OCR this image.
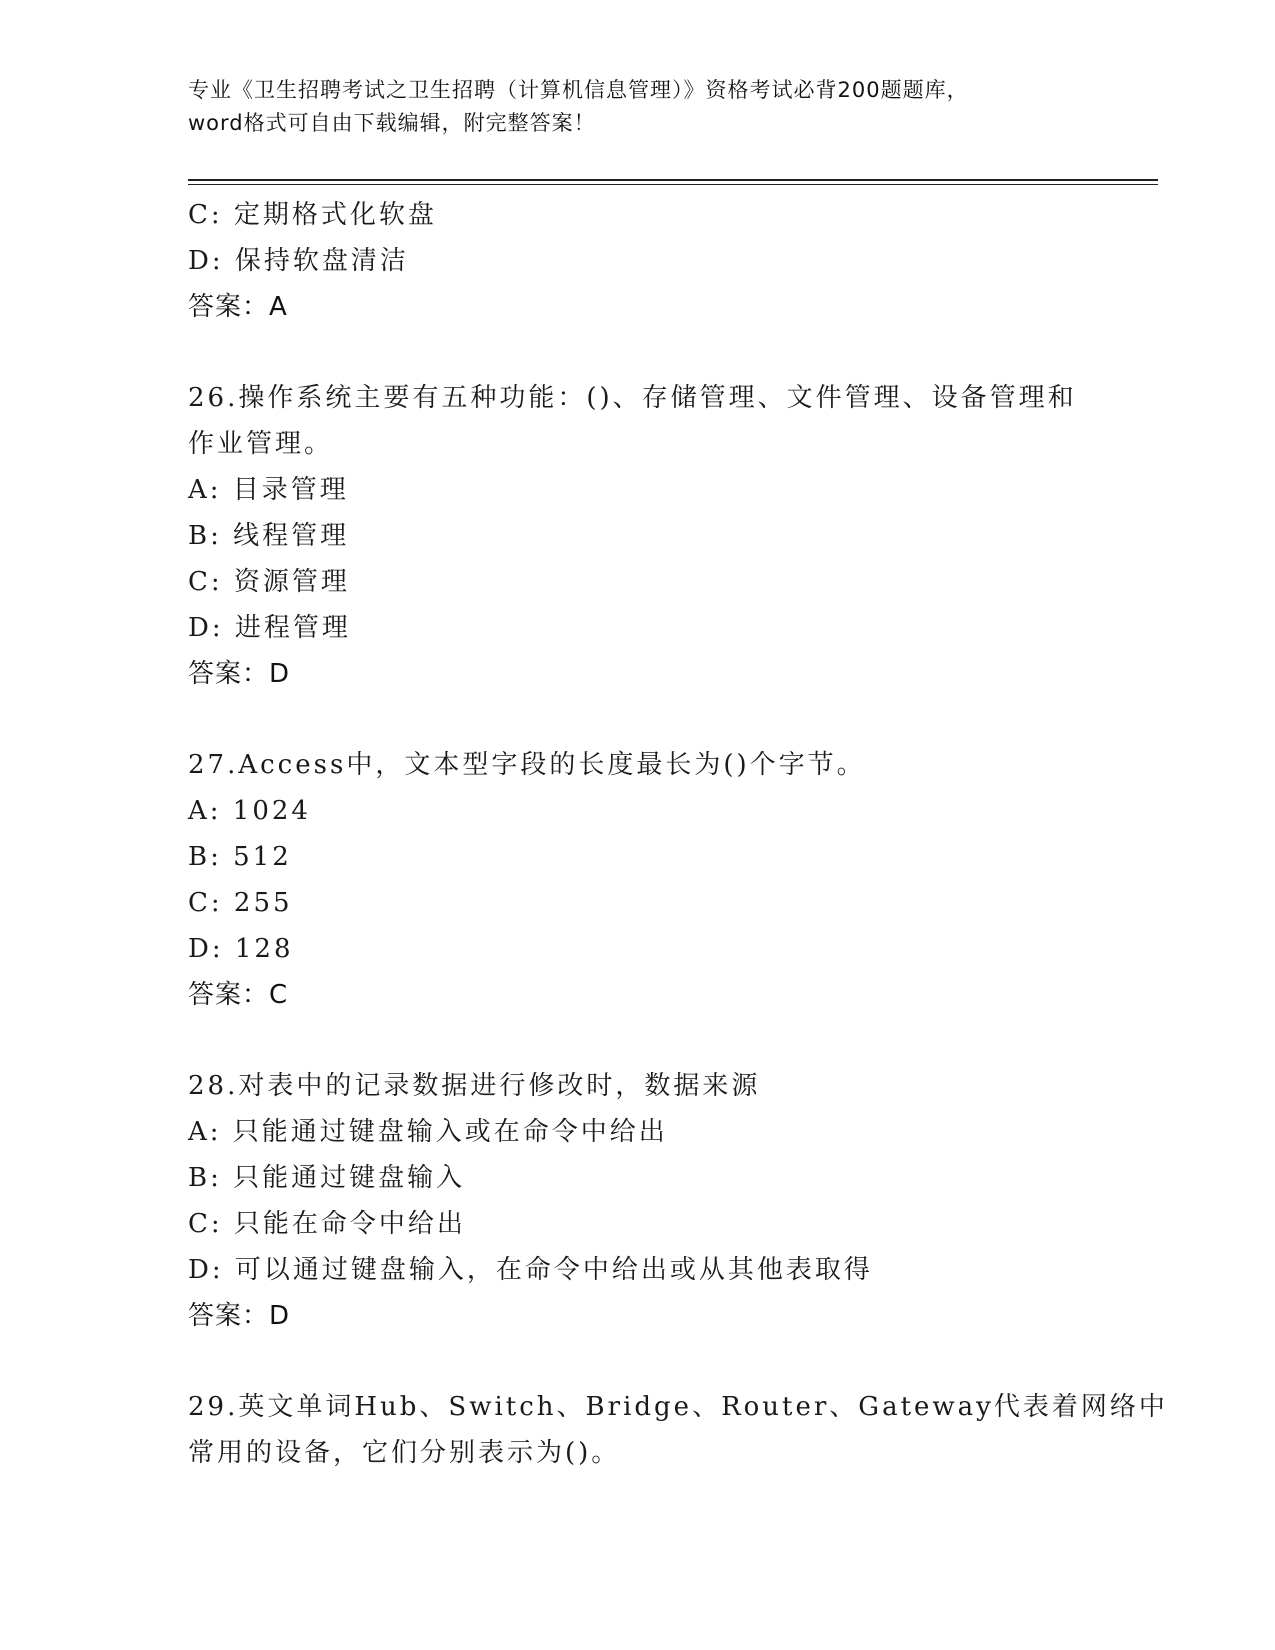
专业《卫生招聘考试之卫生招聘（计算机信息管理）》资格考试必背200题题库，
word格式可自由下载编辑，附完整答案！
C: 定期格式化软盘
D: 保持软盘清洁
答案：A
26.操作系统主要有五种功能：()、存储管理、文件管理、设备管理和
作业管理。
A: 目录管理
B: 线程管理
C: 资源管理
D: 进程管理
答案：D
27.Access中，文本型字段的长度最长为()个字节。
A: 1024
B: 512
C: 255
D: 128
答案：C
28.对表中的记录数据进行修改时，数据来源
A: 只能通过键盘输入或在命令中给出
B: 只能通过键盘输入
C: 只能在命令中给出
D: 可以通过键盘输入，在命令中给出或从其他表取得
答案：D
29.英文单词Hub、Switch、Bridge、Router、Gateway代表着网络中
常用的设备，它们分别表示为()。
